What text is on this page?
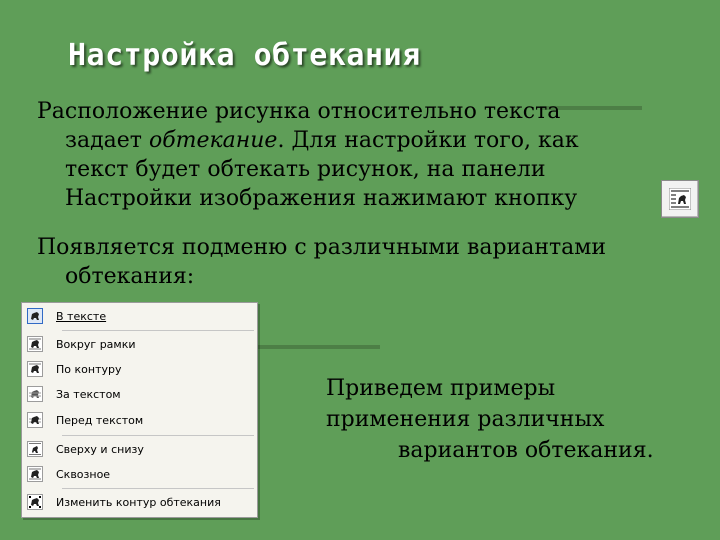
Настройка обтекания
Расположение рисунка относительно текста
задает обтекание. Для настройки того, как
текст будет обтекать рисунок, на панели
Настройки изображения нажимают кнопку
Появляется подменю с различными вариантами
обтекания:
В тексте
Вокруг рамки
По контуру
За текстом
Перед текстом
Сверху и снизу
Сквозное
Изменить контур обтекания
Приведем примеры
применения различных
вариантов обтекания.
